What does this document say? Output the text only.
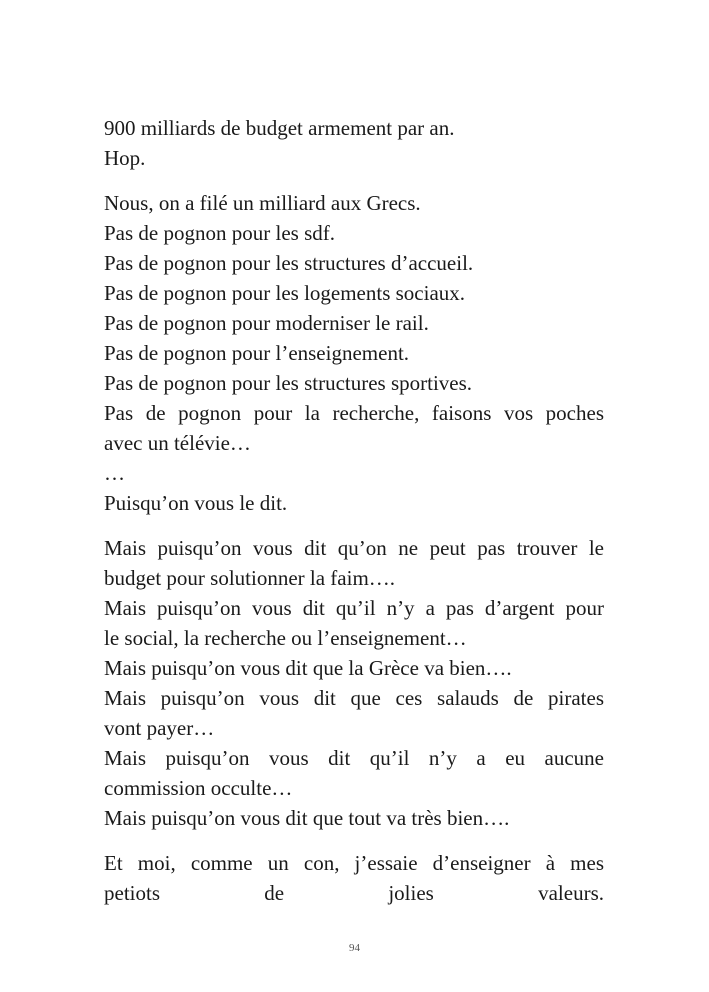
900 milliards de budget armement par an.
Hop.
Nous, on a filé un milliard aux Grecs.
Pas de pognon pour les sdf.
Pas de pognon pour les structures d’accueil.
Pas de pognon pour les logements sociaux.
Pas de pognon pour moderniser le rail.
Pas de pognon pour l’enseignement.
Pas de pognon pour les structures sportives.
Pas de pognon pour la recherche, faisons vos poches
avec un télévie…
…
Puisqu’on vous le dit.
Mais puisqu’on vous dit qu’on ne peut pas trouver le
budget pour solutionner la faim….
Mais puisqu’on vous dit qu’il n’y a pas d’argent pour
le social, la recherche ou l’enseignement…
Mais puisqu’on vous dit que la Grèce va bien….
Mais puisqu’on vous dit que ces salauds de pirates
vont payer…
Mais puisqu’on vous dit qu’il n’y a eu aucune
commission occulte…
Mais puisqu’on vous dit que tout va très bien….
Et moi, comme un con, j’essaie d’enseigner à mes
petiots de jolies valeurs.
94
